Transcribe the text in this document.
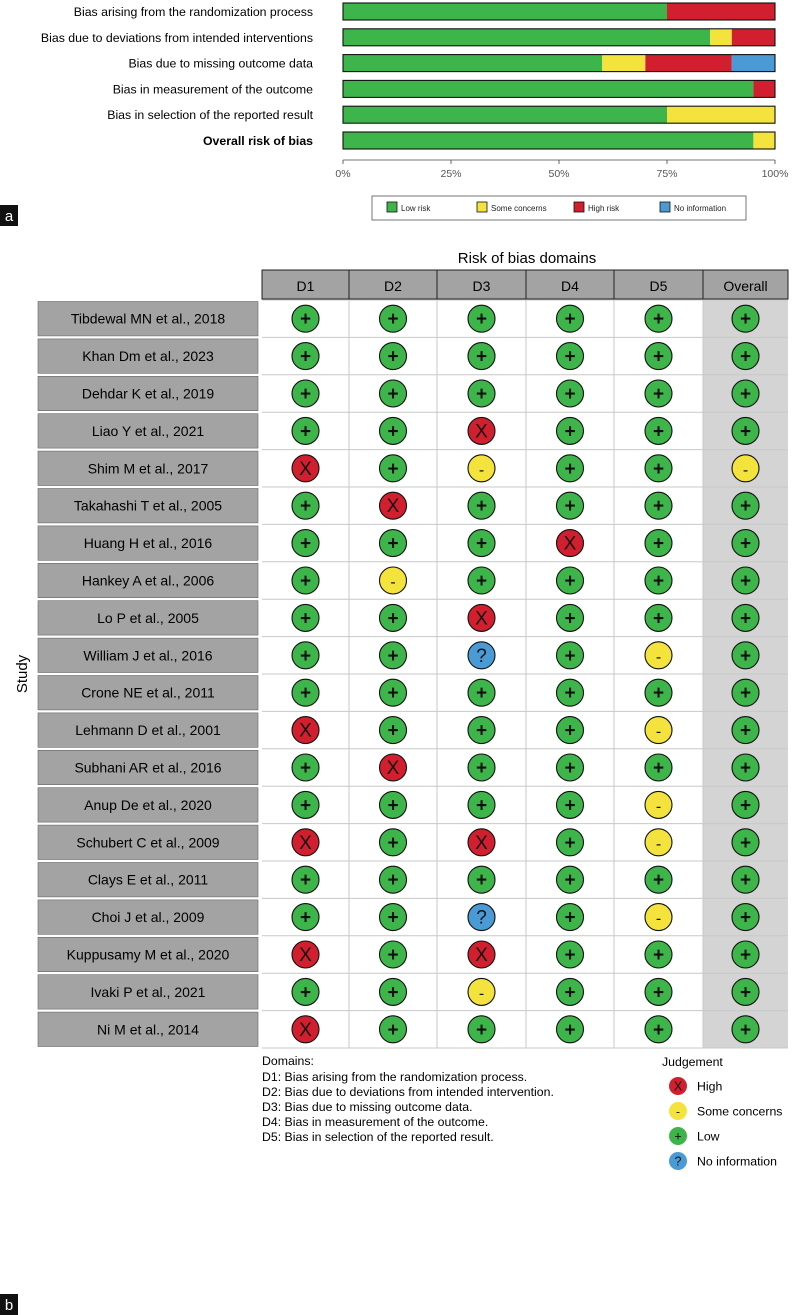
Bias arising from the randomization process
Bias due to deviations from intended interventions
Bias due to missing outcome data
Bias in measurement of the outcome
Bias in selection of the reported result
Overall risk of bias
0%	25%	50%	75%	100%
Low risk	Some concerns	High risk	No information
a
Risk of bias domains
D1	D2	D3	D4	D5	Overall
Tibdewal MN et al., 2018	+	+	+	+	+	+
Khan Dm et al., 2023	+	+	+	+	+	+
Dehdar K et al., 2019	+	+	+	+	+	+
Liao Y et al., 2021	+	+	X	+	+	+
Shim M et al., 2017	X	+	-	+	+	-
Takahashi T et al., 2005	+	X	+	+	+	+
Huang H et al., 2016	+	+	+	X	+	+
Hankey A et al., 2006	+	-	+	+	+	+
Lo P et al., 2005	+	+	X	+	+	+
William J et al., 2016	+	+	?	+	-	+
Crone NE et al., 2011	+	+	+	+	+	+
Lehmann D et al., 2001	X	+	+	+	-	+
Subhani AR et al., 2016	+	X	+	+	+	+
Anup De et al., 2020	+	+	+	+	-	+
Schubert C et al., 2009	X	+	X	+	-	+
Clays E et al., 2011	+	+	+	+	+	+
Choi J et al., 2009	+	+	?	+	-	+
Kuppusamy M et al., 2020	X	+	X	+	+	+
Ivaki P et al., 2021	+	+	-	+	+	+
Ni M et al., 2014	X	+	+	+	+	+
Study
Domains:
D1: Bias arising from the randomization process.
D2: Bias due to deviations from intended intervention.
D3: Bias due to missing outcome data.
D4: Bias in measurement of the outcome.
D5: Bias in selection of the reported result.
Judgement
X High
- Some concerns
+ Low
? No information
b
